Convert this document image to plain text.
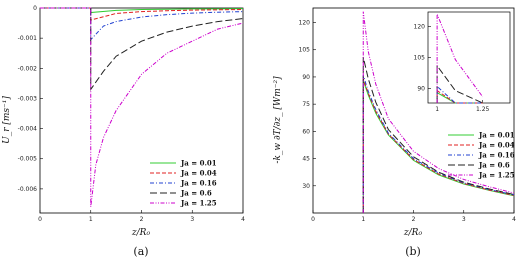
0	1	2	3	4
0
-0.001
-0.002
-0.003
-0.004
-0.005
-0.006
Ja = 0.01
Ja = 0.04
Ja = 0.16
Ja = 0.6
Ja = 1.25
U_r [ms⁻¹]
z/R₀
(a)
0	1	2	3	4
30
45
60
75
90
105
120
Ja = 0.01
Ja = 0.04
Ja = 0.16
Ja = 0.6
Ja = 1.25
-k_w ∂T/∂z_ [Wm⁻²]
z/R₀
(b)
1	1.25
90
105
120
